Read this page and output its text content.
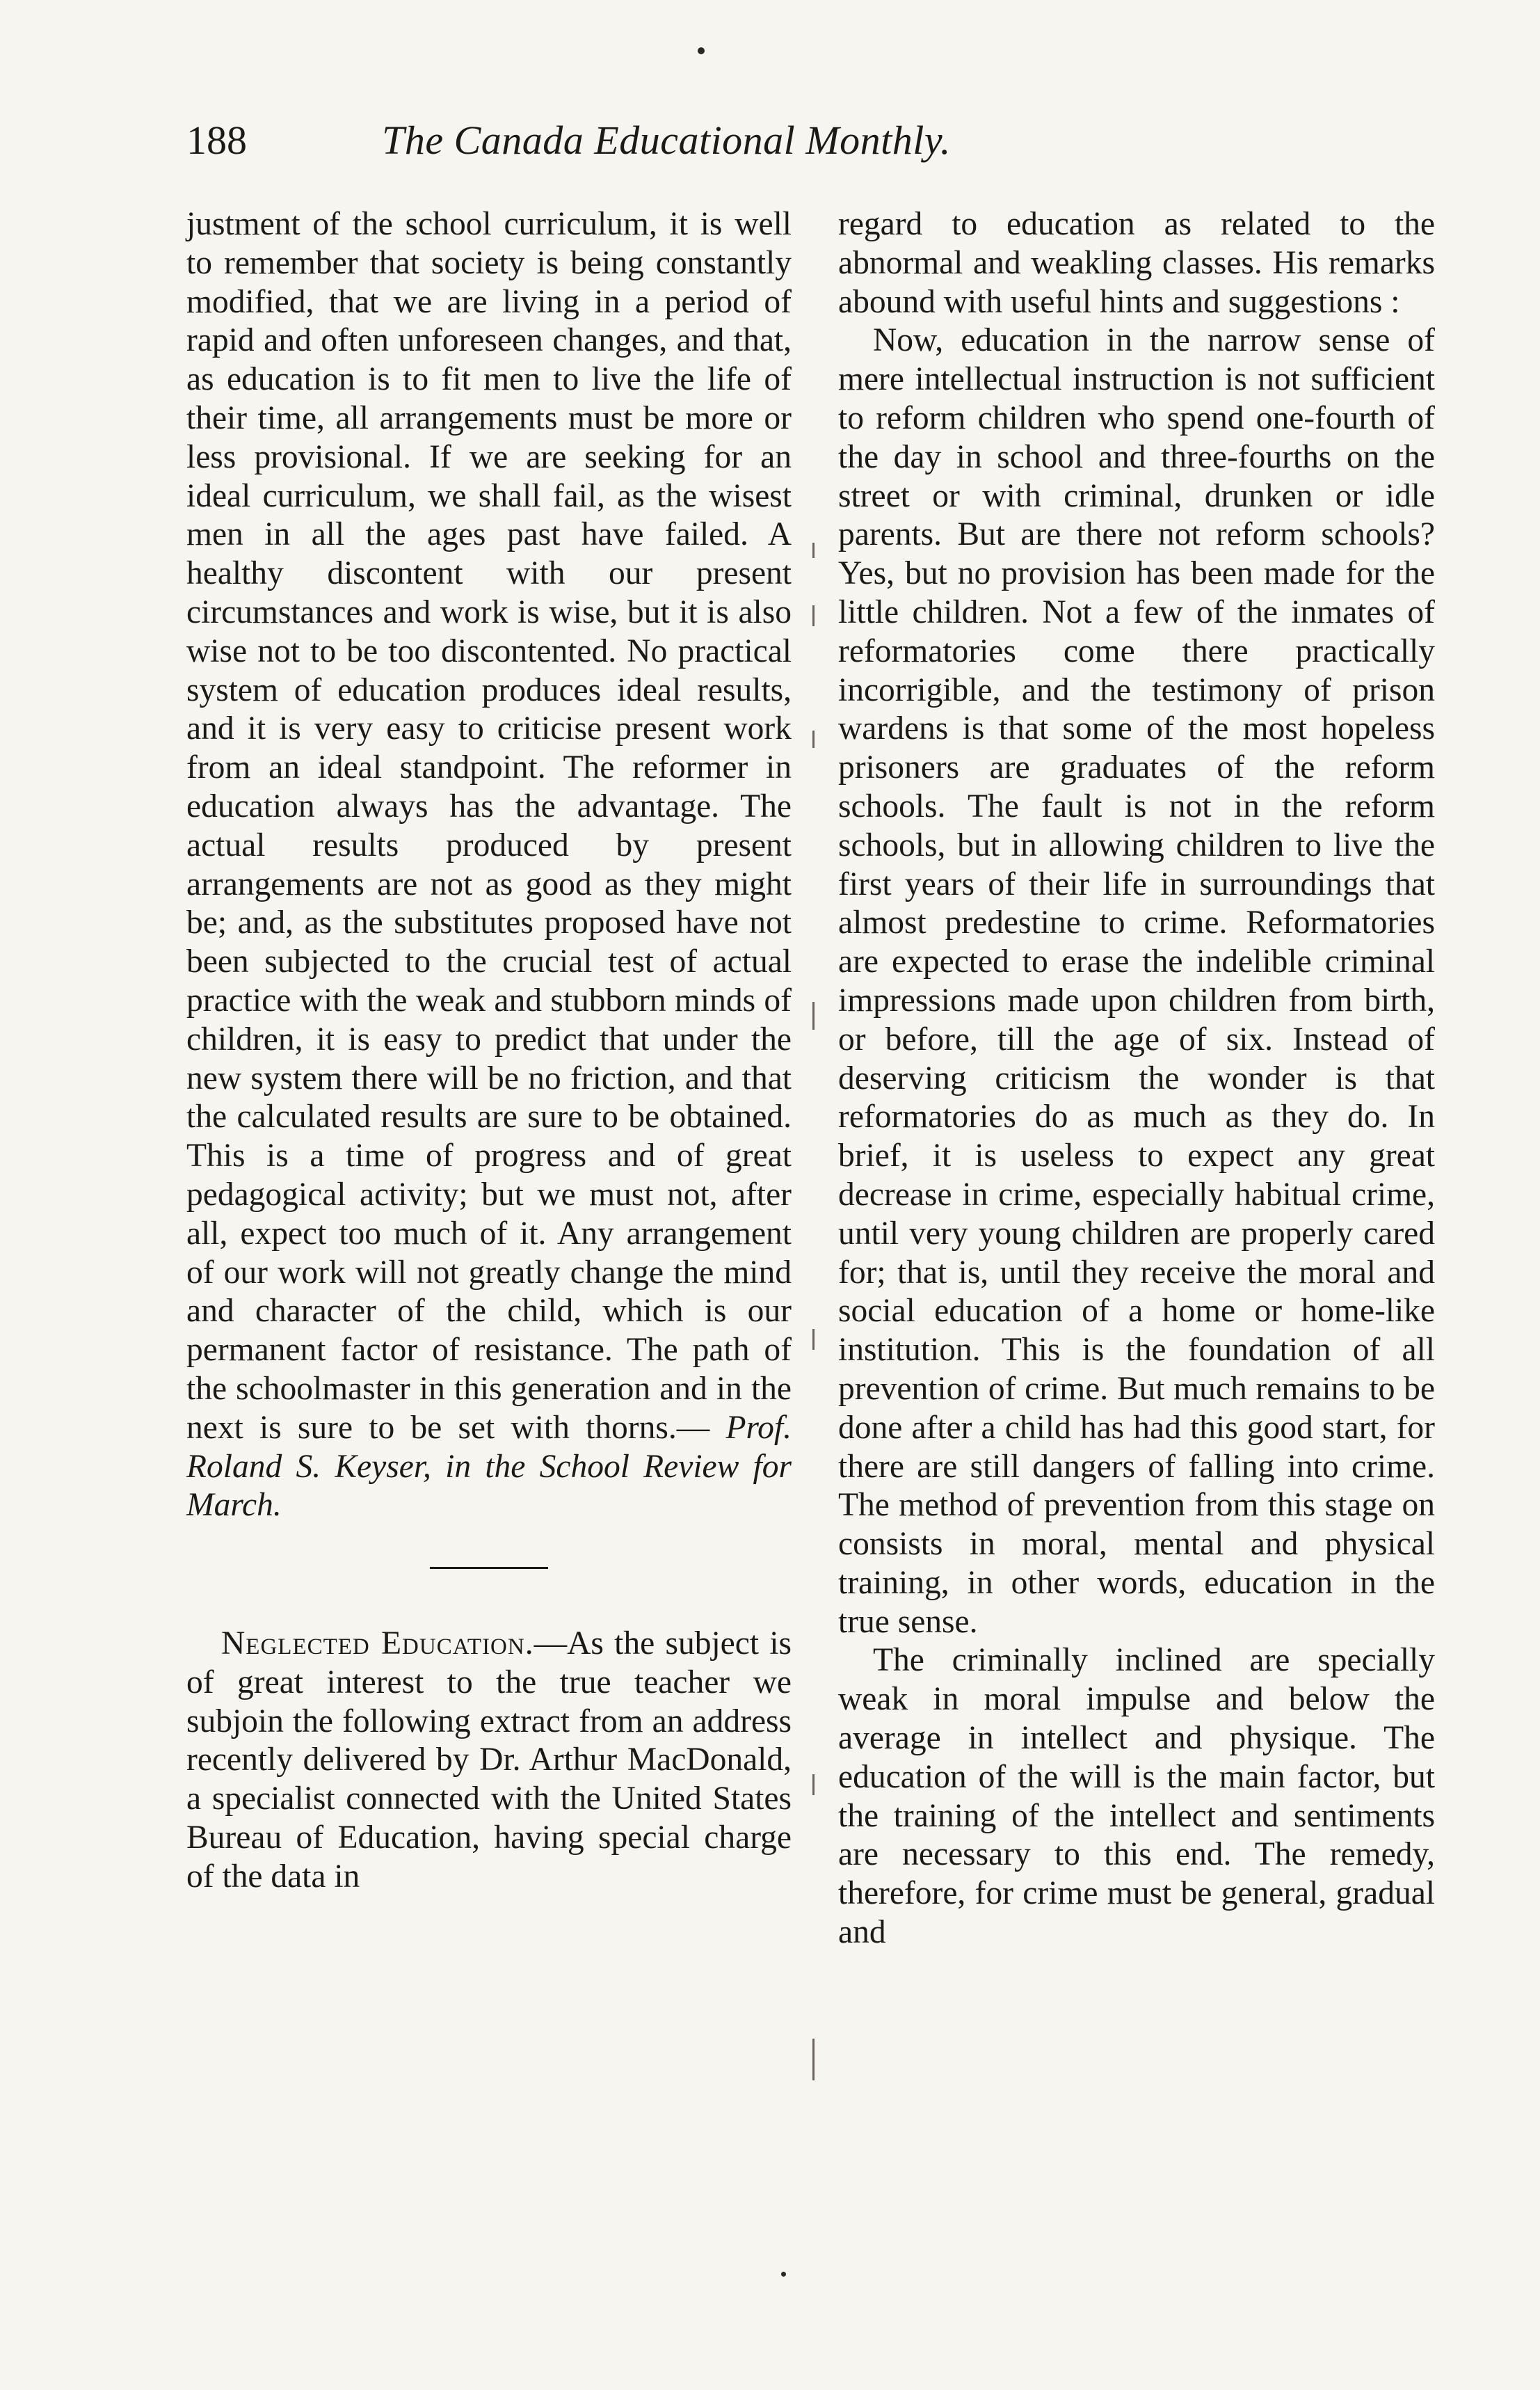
188	The Canada Educational Monthly.

justment of the school curriculum, it is well to remember that society is being constantly modified, that we are living in a period of rapid and often unforeseen changes, and that, as education is to fit men to live the life of their time, all arrangements must be more or less provisional. If we are seeking for an ideal curriculum, we shall fail, as the wisest men in all the ages past have failed. A healthy discontent with our present circumstances and work is wise, but it is also wise not to be too discontented. No practical system of education produces ideal results, and it is very easy to criticise present work from an ideal standpoint. The reformer in education always has the advantage. The actual results produced by present arrangements are not as good as they might be; and, as the substitutes proposed have not been subjected to the crucial test of actual practice with the weak and stubborn minds of children, it is easy to predict that under the new system there will be no friction, and that the calculated results are sure to be obtained. This is a time of progress and of great pedagogical activity; but we must not, after all, expect too much of it. Any arrangement of our work will not greatly change the mind and character of the child, which is our permanent factor of resistance. The path of the schoolmaster in this generation and in the next is sure to be set with thorns.— Prof. Roland S. Keyser, in the School Review for March.

Neglected Education.—As the subject is of great interest to the true teacher we subjoin the following extract from an address recently delivered by Dr. Arthur MacDonald, a specialist connected with the United States Bureau of Education, having special charge of the data in

regard to education as related to the abnormal and weakling classes. His remarks abound with useful hints and suggestions :

Now, education in the narrow sense of mere intellectual instruction is not sufficient to reform children who spend one-fourth of the day in school and three-fourths on the street or with criminal, drunken or idle parents. But are there not reform schools? Yes, but no provision has been made for the little children. Not a few of the inmates of reformatories come there practically incorrigible, and the testimony of prison wardens is that some of the most hopeless prisoners are graduates of the reform schools. The fault is not in the reform schools, but in allowing children to live the first years of their life in surroundings that almost predestine to crime. Reformatories are expected to erase the indelible criminal impressions made upon children from birth, or before, till the age of six. Instead of deserving criticism the wonder is that reformatories do as much as they do. In brief, it is useless to expect any great decrease in crime, especially habitual crime, until very young children are properly cared for; that is, until they receive the moral and social education of a home or home-like institution. This is the foundation of all prevention of crime. But much remains to be done after a child has had this good start, for there are still dangers of falling into crime. The method of prevention from this stage on consists in moral, mental and physical training, in other words, education in the true sense.

The criminally inclined are specially weak in moral impulse and below the average in intellect and physique. The education of the will is the main factor, but the training of the intellect and sentiments are necessary to this end. The remedy, therefore, for crime must be general, gradual and
